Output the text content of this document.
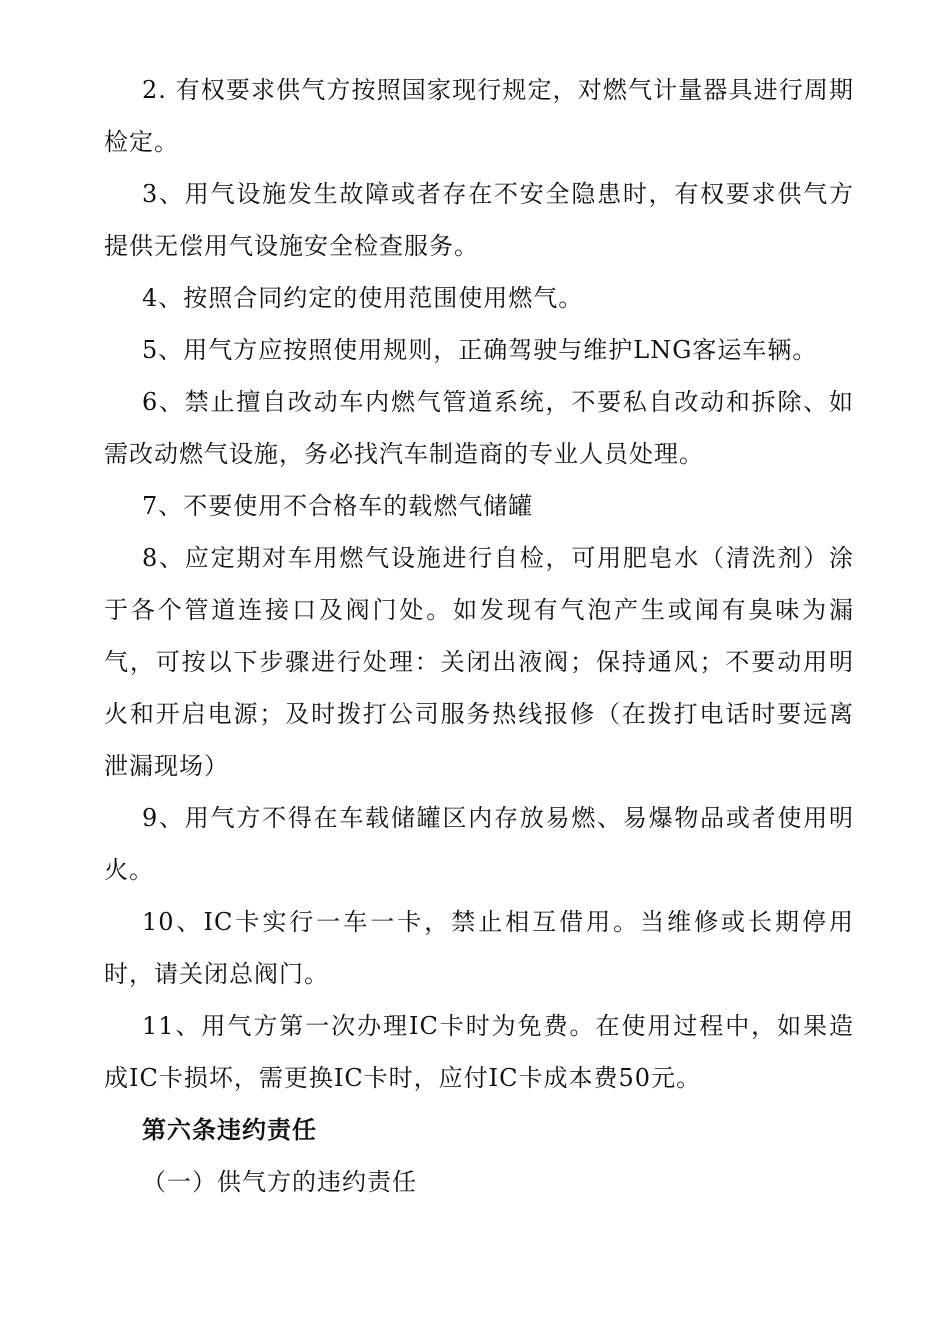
2. 有权要求供气方按照国家现行规定，对燃气计量器具进行周期检定。

3、用气设施发生故障或者存在不安全隐患时，有权要求供气方提供无偿用气设施安全检查服务。

4、按照合同约定的使用范围使用燃气。

5、用气方应按照使用规则，正确驾驶与维护LNG客运车辆。

6、禁止擅自改动车内燃气管道系统，不要私自改动和拆除、如需改动燃气设施，务必找汽车制造商的专业人员处理。

7、不要使用不合格车的载燃气储罐

8、应定期对车用燃气设施进行自检，可用肥皂水（清洗剂）涂于各个管道连接口及阀门处。如发现有气泡产生或闻有臭味为漏 气，可按以下步骤进行处理：关闭出液阀；保持通风；不要动用明 火和开启电源；及时拨打公司服务热线报修（在拨打电话时要远离 泄漏现场）

9、用气方不得在车载储罐区内存放易燃、易爆物品或者使用明火。

10、IC卡实行一车一卡，禁止相互借用。当维修或长期停用时，请关闭总阀门。

11、用气方第一次办理IC卡时为免费。在使用过程中，如果造 成IC卡损坏，需更换IC卡时，应付IC卡成本费50元。

第六条违约责任

（一）供气方的违约责任
